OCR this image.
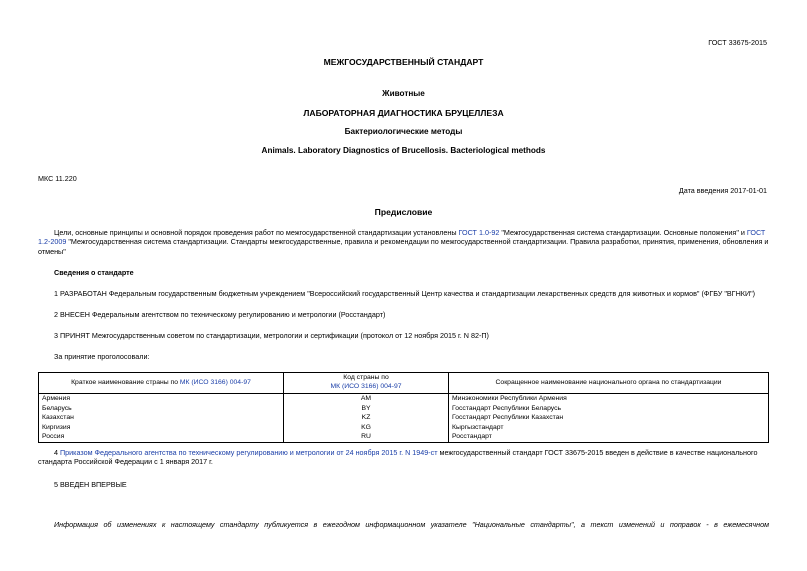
ГОСТ 33675-2015
МЕЖГОСУДАРСТВЕННЫЙ СТАНДАРТ
Животные
ЛАБОРАТОРНАЯ ДИАГНОСТИКА БРУЦЕЛЛЕЗА
Бактериологические методы
Animals. Laboratory Diagnostics of Brucellosis. Bacteriological methods
МКС 11.220
Дата введения 2017-01-01
Предисловие
Цели, основные принципы и основной порядок проведения работ по межгосударственной стандартизации установлены ГОСТ 1.0-92 "Межгосударственная система стандартизации. Основные положения" и ГОСТ 1.2-2009 "Межгосударственная система стандартизации. Стандарты межгосударственные, правила и рекомендации по межгосударственной стандартизации. Правила разработки, принятия, применения, обновления и отмены"
Сведения о стандарте
1 РАЗРАБОТАН Федеральным государственным бюджетным учреждением "Всероссийский государственный Центр качества и стандартизации лекарственных средств для животных и кормов" (ФГБУ "ВГНКИ")
2 ВНЕСЕН Федеральным агентством по техническому регулированию и метрологии (Росстандарт)
3 ПРИНЯТ Межгосударственным советом по стандартизации, метрологии и сертификации (протокол от 12 ноября 2015 г. N 82-П)
За принятие проголосовали:
Краткое наименование страны по МК (ИСО 3166) 004-97	Код страны по
МК (ИСО 3166) 004-97	Сокращенное наименование национального органа по стандартизации
Армения	AM	Минэкономики Республики Армения
Беларусь	BY	Госстандарт Республики Беларусь
Казахстан	KZ	Госстандарт Республики Казахстан
Киргизия	KG	Кыргызстандарт
Россия	RU	Росстандарт
4 Приказом Федерального агентства по техническому регулированию и метрологии от 24 ноября 2015 г. N 1949-ст межгосударственный стандарт ГОСТ 33675-2015 введен в действие в качестве национального стандарта Российской Федерации с 1 января 2017 г.
5 ВВЕДЕН ВПЕРВЫЕ
Информация об изменениях к настоящему стандарту публикуется в ежегодном информационном указателе "Национальные стандарты", а текст изменений и поправок - в ежемесячном
